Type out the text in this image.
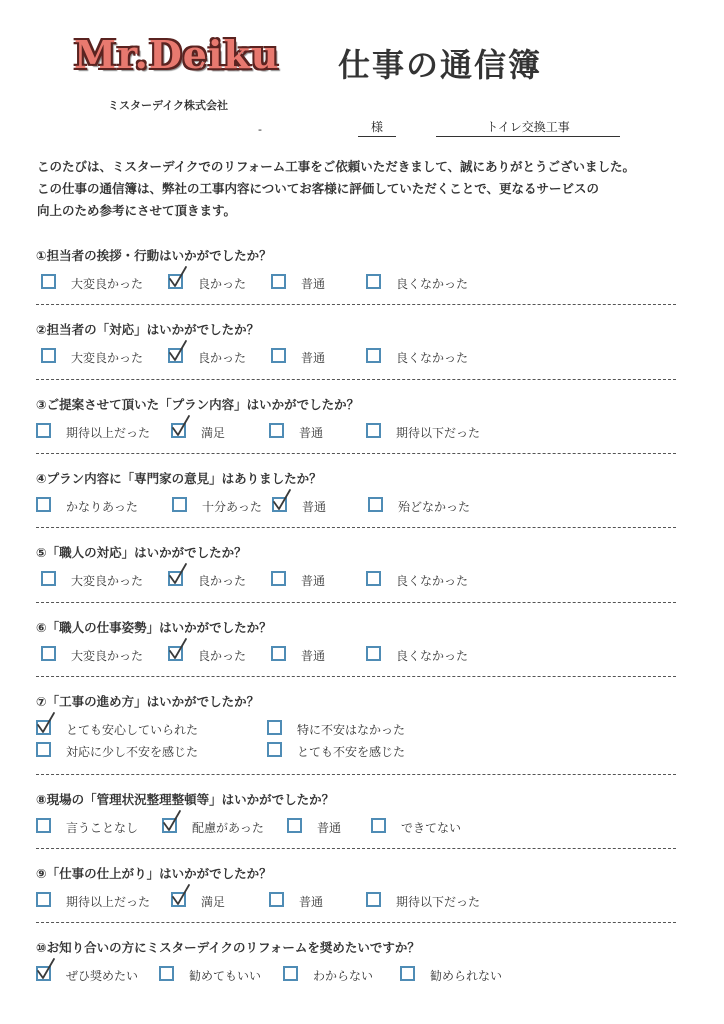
Mr.Deiku 仕事の通信簿
ミスターデイク株式会社
-	様	トイレ交換工事

このたびは、ミスターデイクでのリフォーム工事をご依頼いただきまして、誠にありがとうございました。

この仕事の通信簿は、弊社の工事内容についてお客様に評価していただくことで、更なるサービスの

向上のため参考にさせて頂きます。

①担当者の挨拶・行動はいかがでしたか？
大変良かった	良かった	普通	良くなかった
②担当者の「対応」はいかがでしたか？
大変良かった	良かった	普通	良くなかった
③ご提案させて頂いた「プラン内容」はいかがでしたか？
期待以上だった	満足	普通	期待以下だった
④プラン内容に「専門家の意見」はありましたか？
かなりあった	十分あった	普通	殆どなかった
⑤「職人の対応」はいかがでしたか？
大変良かった	良かった	普通	良くなかった
⑥「職人の仕事姿勢」はいかがでしたか？
大変良かった	良かった	普通	良くなかった
⑦「工事の進め方」はいかがでしたか？
とても安心していられた	特に不安はなかった
対応に少し不安を感じた	とても不安を感じた
⑧現場の「管理状況整理整頓等」はいかがでしたか？
言うことなし	配慮があった	普通	できてない
⑨「仕事の仕上がり」はいかがでしたか？
期待以上だった	満足	普通	期待以下だった
⑩お知り合いの方にミスターデイクのリフォームを奨めたいですか？
ぜひ奨めたい	勧めてもいい	わからない	勧められない
